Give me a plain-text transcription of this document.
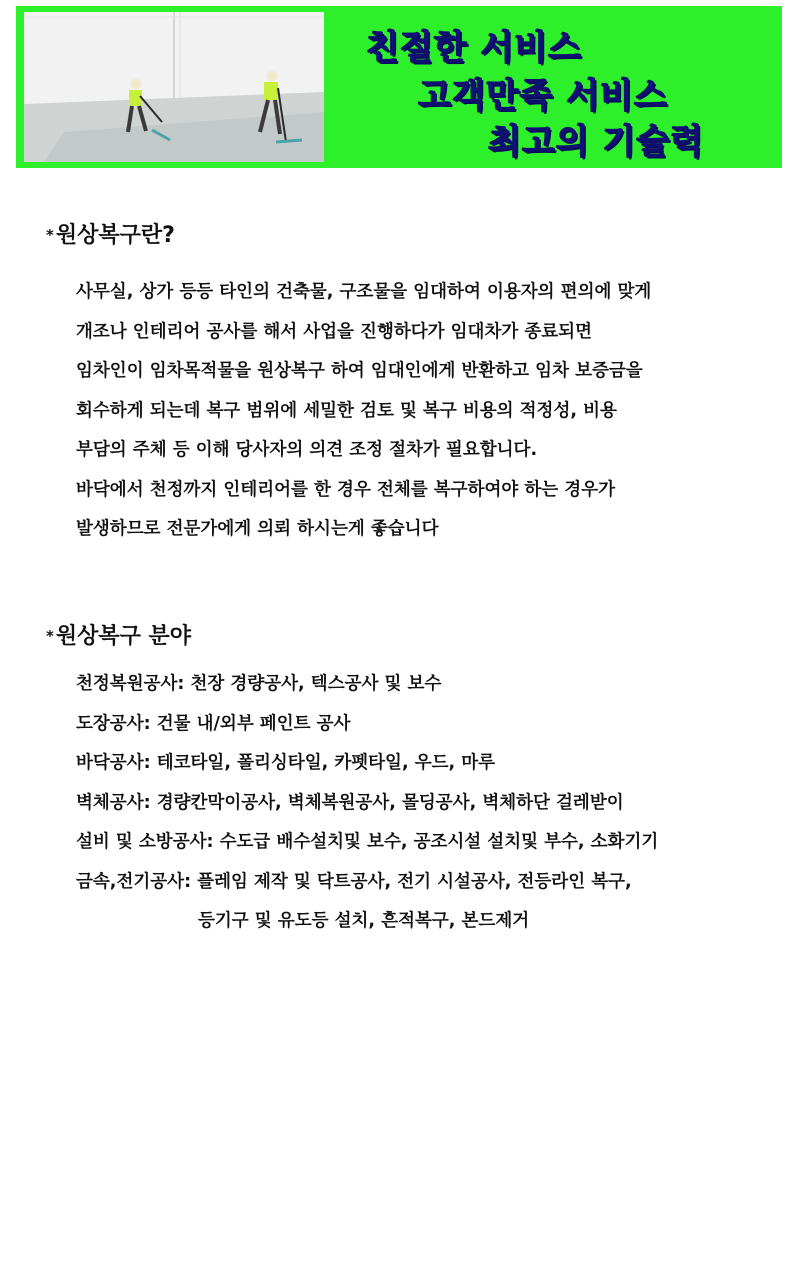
친절한 서비스
고객만족 서비스
최고의 기술력
*원상복구란?
사무실, 상가 등등 타인의 건축물, 구조물을 임대하여 이용자의 편의에 맞게
개조나 인테리어 공사를 해서 사업을 진행하다가 임대차가 종료되면
임차인이 임차목적물을 원상복구 하여 임대인에게 반환하고 임차 보증금을
회수하게 되는데 복구 범위에 세밀한 검토 및 복구 비용의 적정성, 비용
부담의 주체 등 이해 당사자의 의견 조정 절차가 필요합니다.
바닥에서 천정까지 인테리어를 한 경우 전체를 복구하여야 하는 경우가
발생하므로 전문가에게 의뢰 하시는게 좋습니다
*원상복구 분야
천정복원공사: 천장 경량공사, 텍스공사 및 보수
도장공사: 건물 내/외부 페인트 공사
바닥공사: 테코타일, 폴리싱타일, 카펫타일, 우드, 마루
벽체공사: 경량칸막이공사, 벽체복원공사, 몰딩공사, 벽체하단 걸레받이
설비 및 소방공사: 수도급 배수설치및 보수, 공조시설 설치및 부수, 소화기기
금속,전기공사: 플레임 제작 및 닥트공사, 전기 시설공사, 전등라인 복구,
등기구 및 유도등 설치, 흔적복구, 본드제거
